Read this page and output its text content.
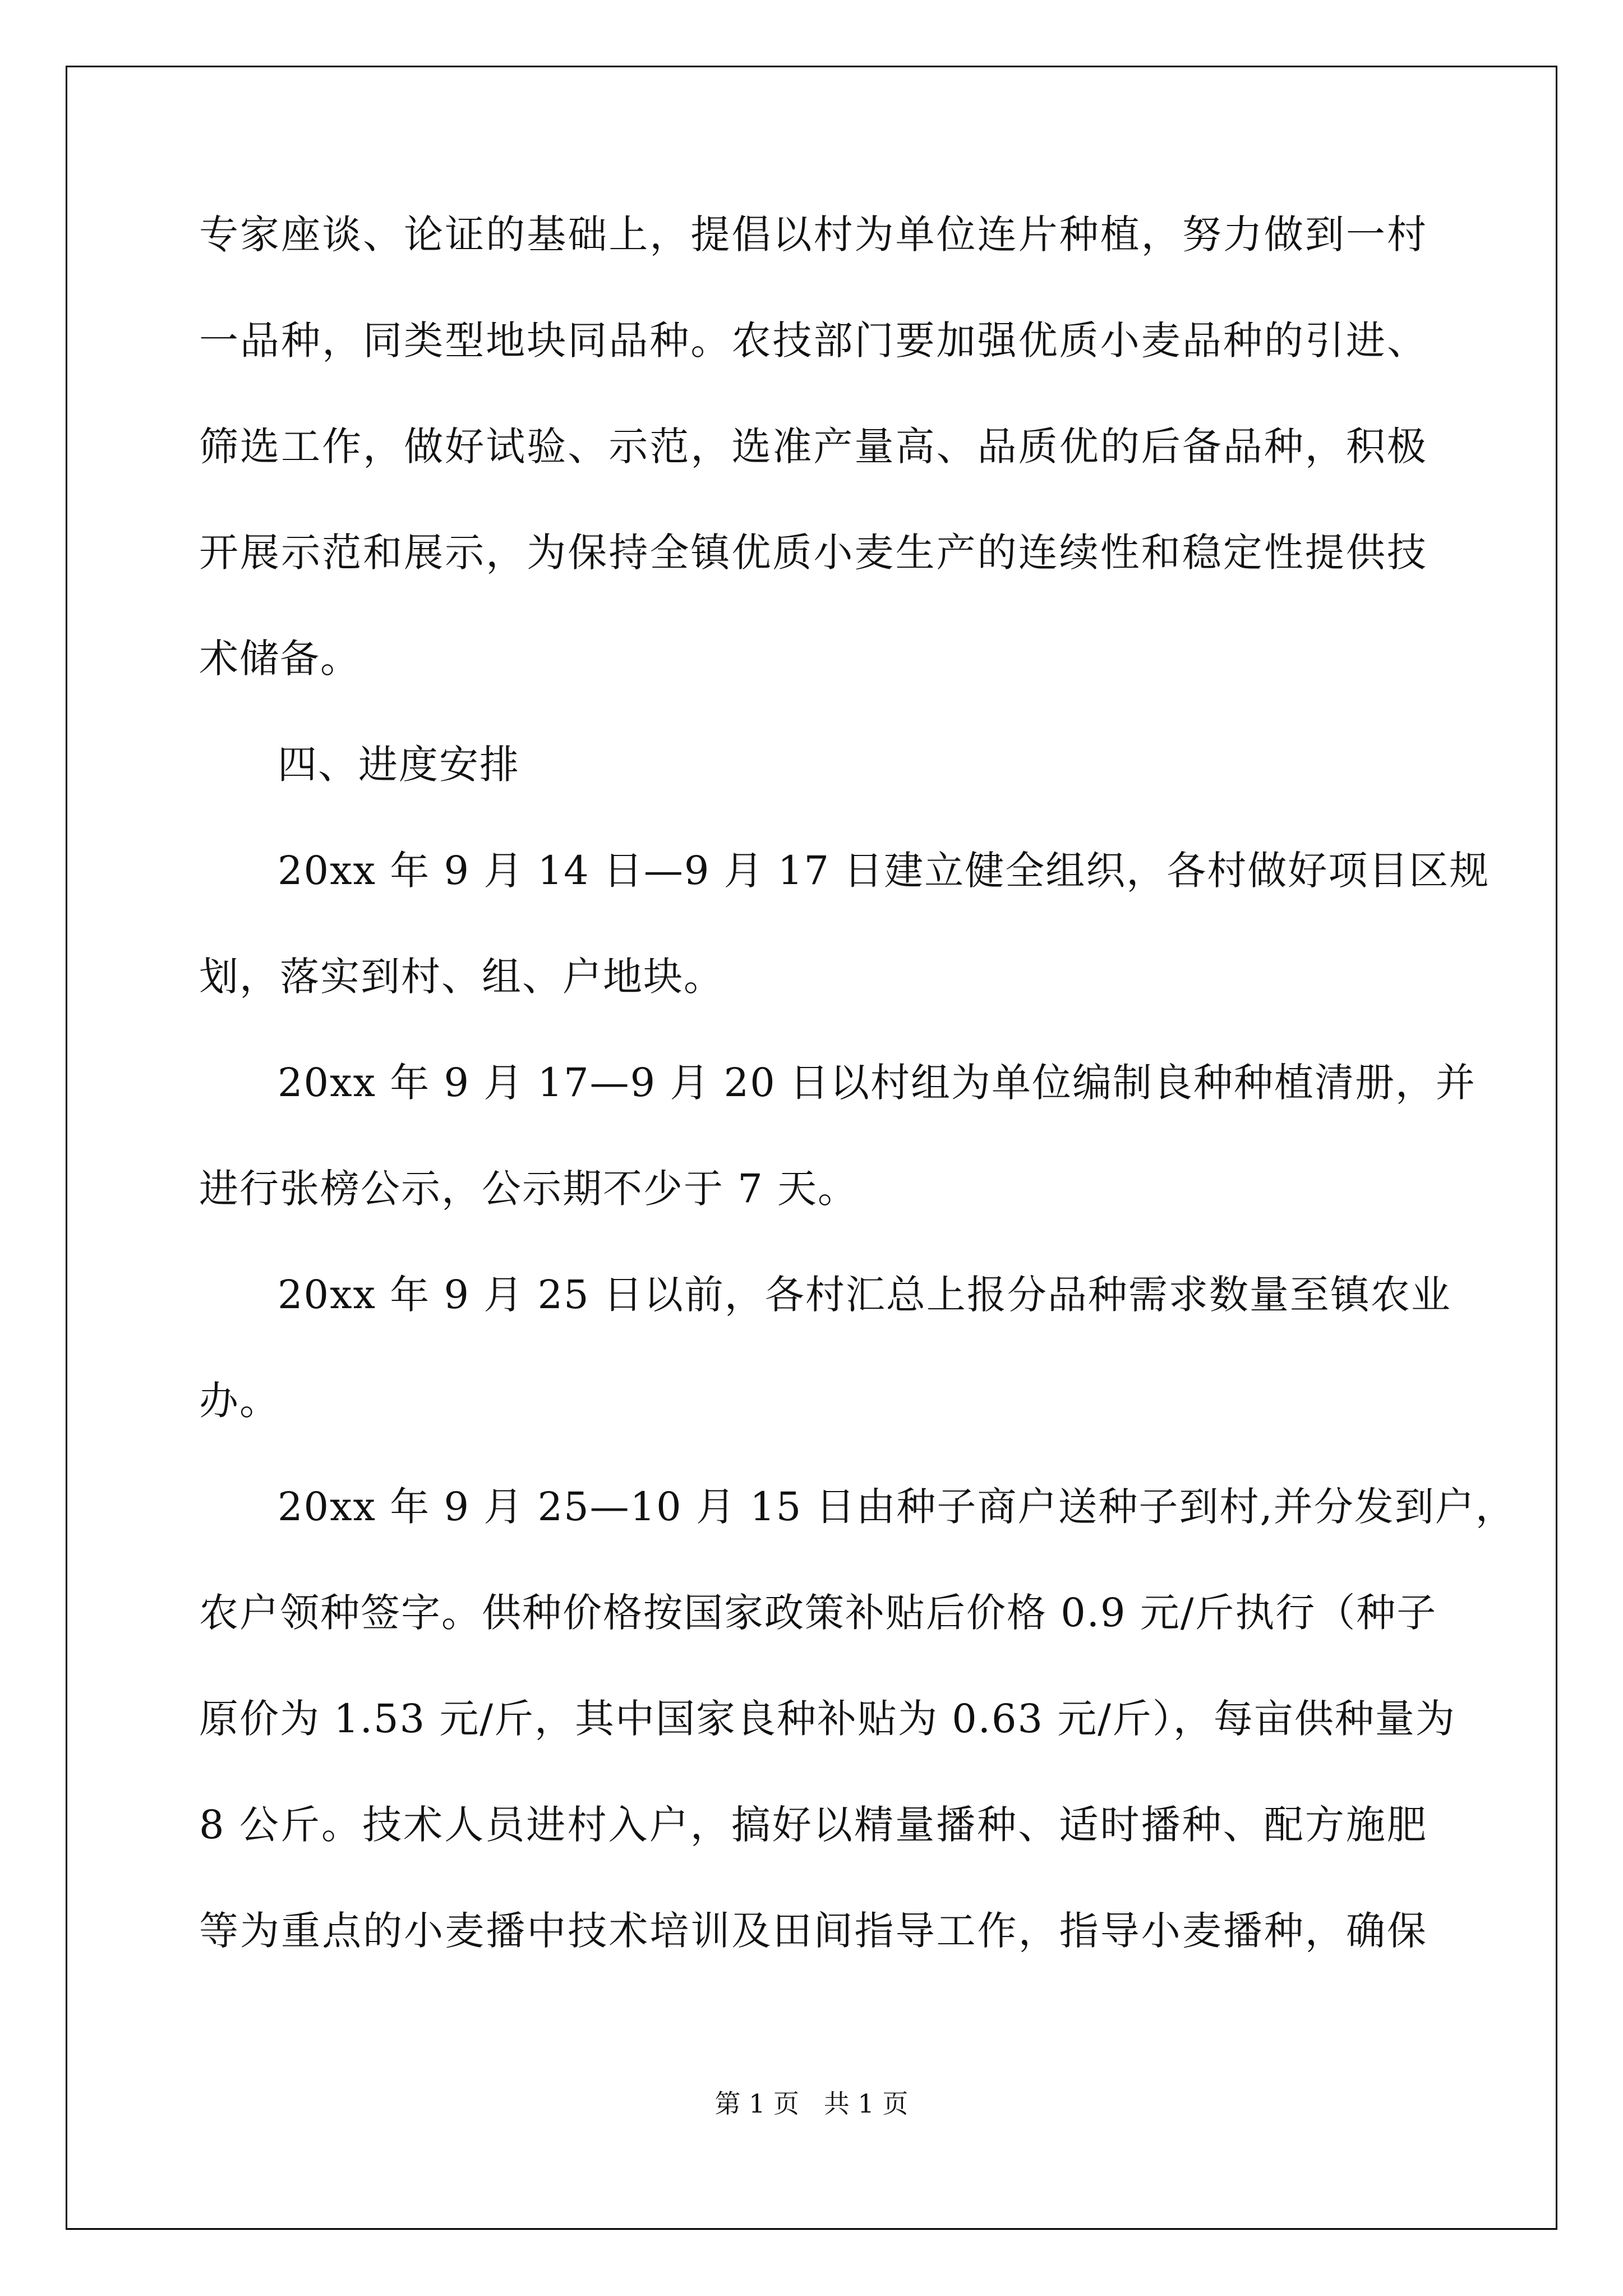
专家座谈、论证的基础上，提倡以村为单位连片种植，努力做到一村
一品种，同类型地块同品种。农技部门要加强优质小麦品种的引进、
筛选工作，做好试验、示范，选准产量高、品质优的后备品种，积极
开展示范和展示，为保持全镇优质小麦生产的连续性和稳定性提供技
术储备。
四、进度安排
20xx 年 9 月 14 日—9 月 17 日建立健全组织，各村做好项目区规
划，落实到村、组、户地块。
20xx 年 9 月 17—9 月 20 日以村组为单位编制良种种植清册，并
进行张榜公示，公示期不少于 7 天。
20xx 年 9 月 25 日以前，各村汇总上报分品种需求数量至镇农业
办。
20xx 年 9 月 25—10 月 15 日由种子商户送种子到村,并分发到户，
农户领种签字。供种价格按国家政策补贴后价格 0.9 元/斤执行（种子
原价为 1.53 元/斤，其中国家良种补贴为 0.63 元/斤），每亩供种量为
8 公斤。技术人员进村入户，搞好以精量播种、适时播种、配方施肥
等为重点的小麦播中技术培训及田间指导工作，指导小麦播种，确保
第 1 页   共 1 页
